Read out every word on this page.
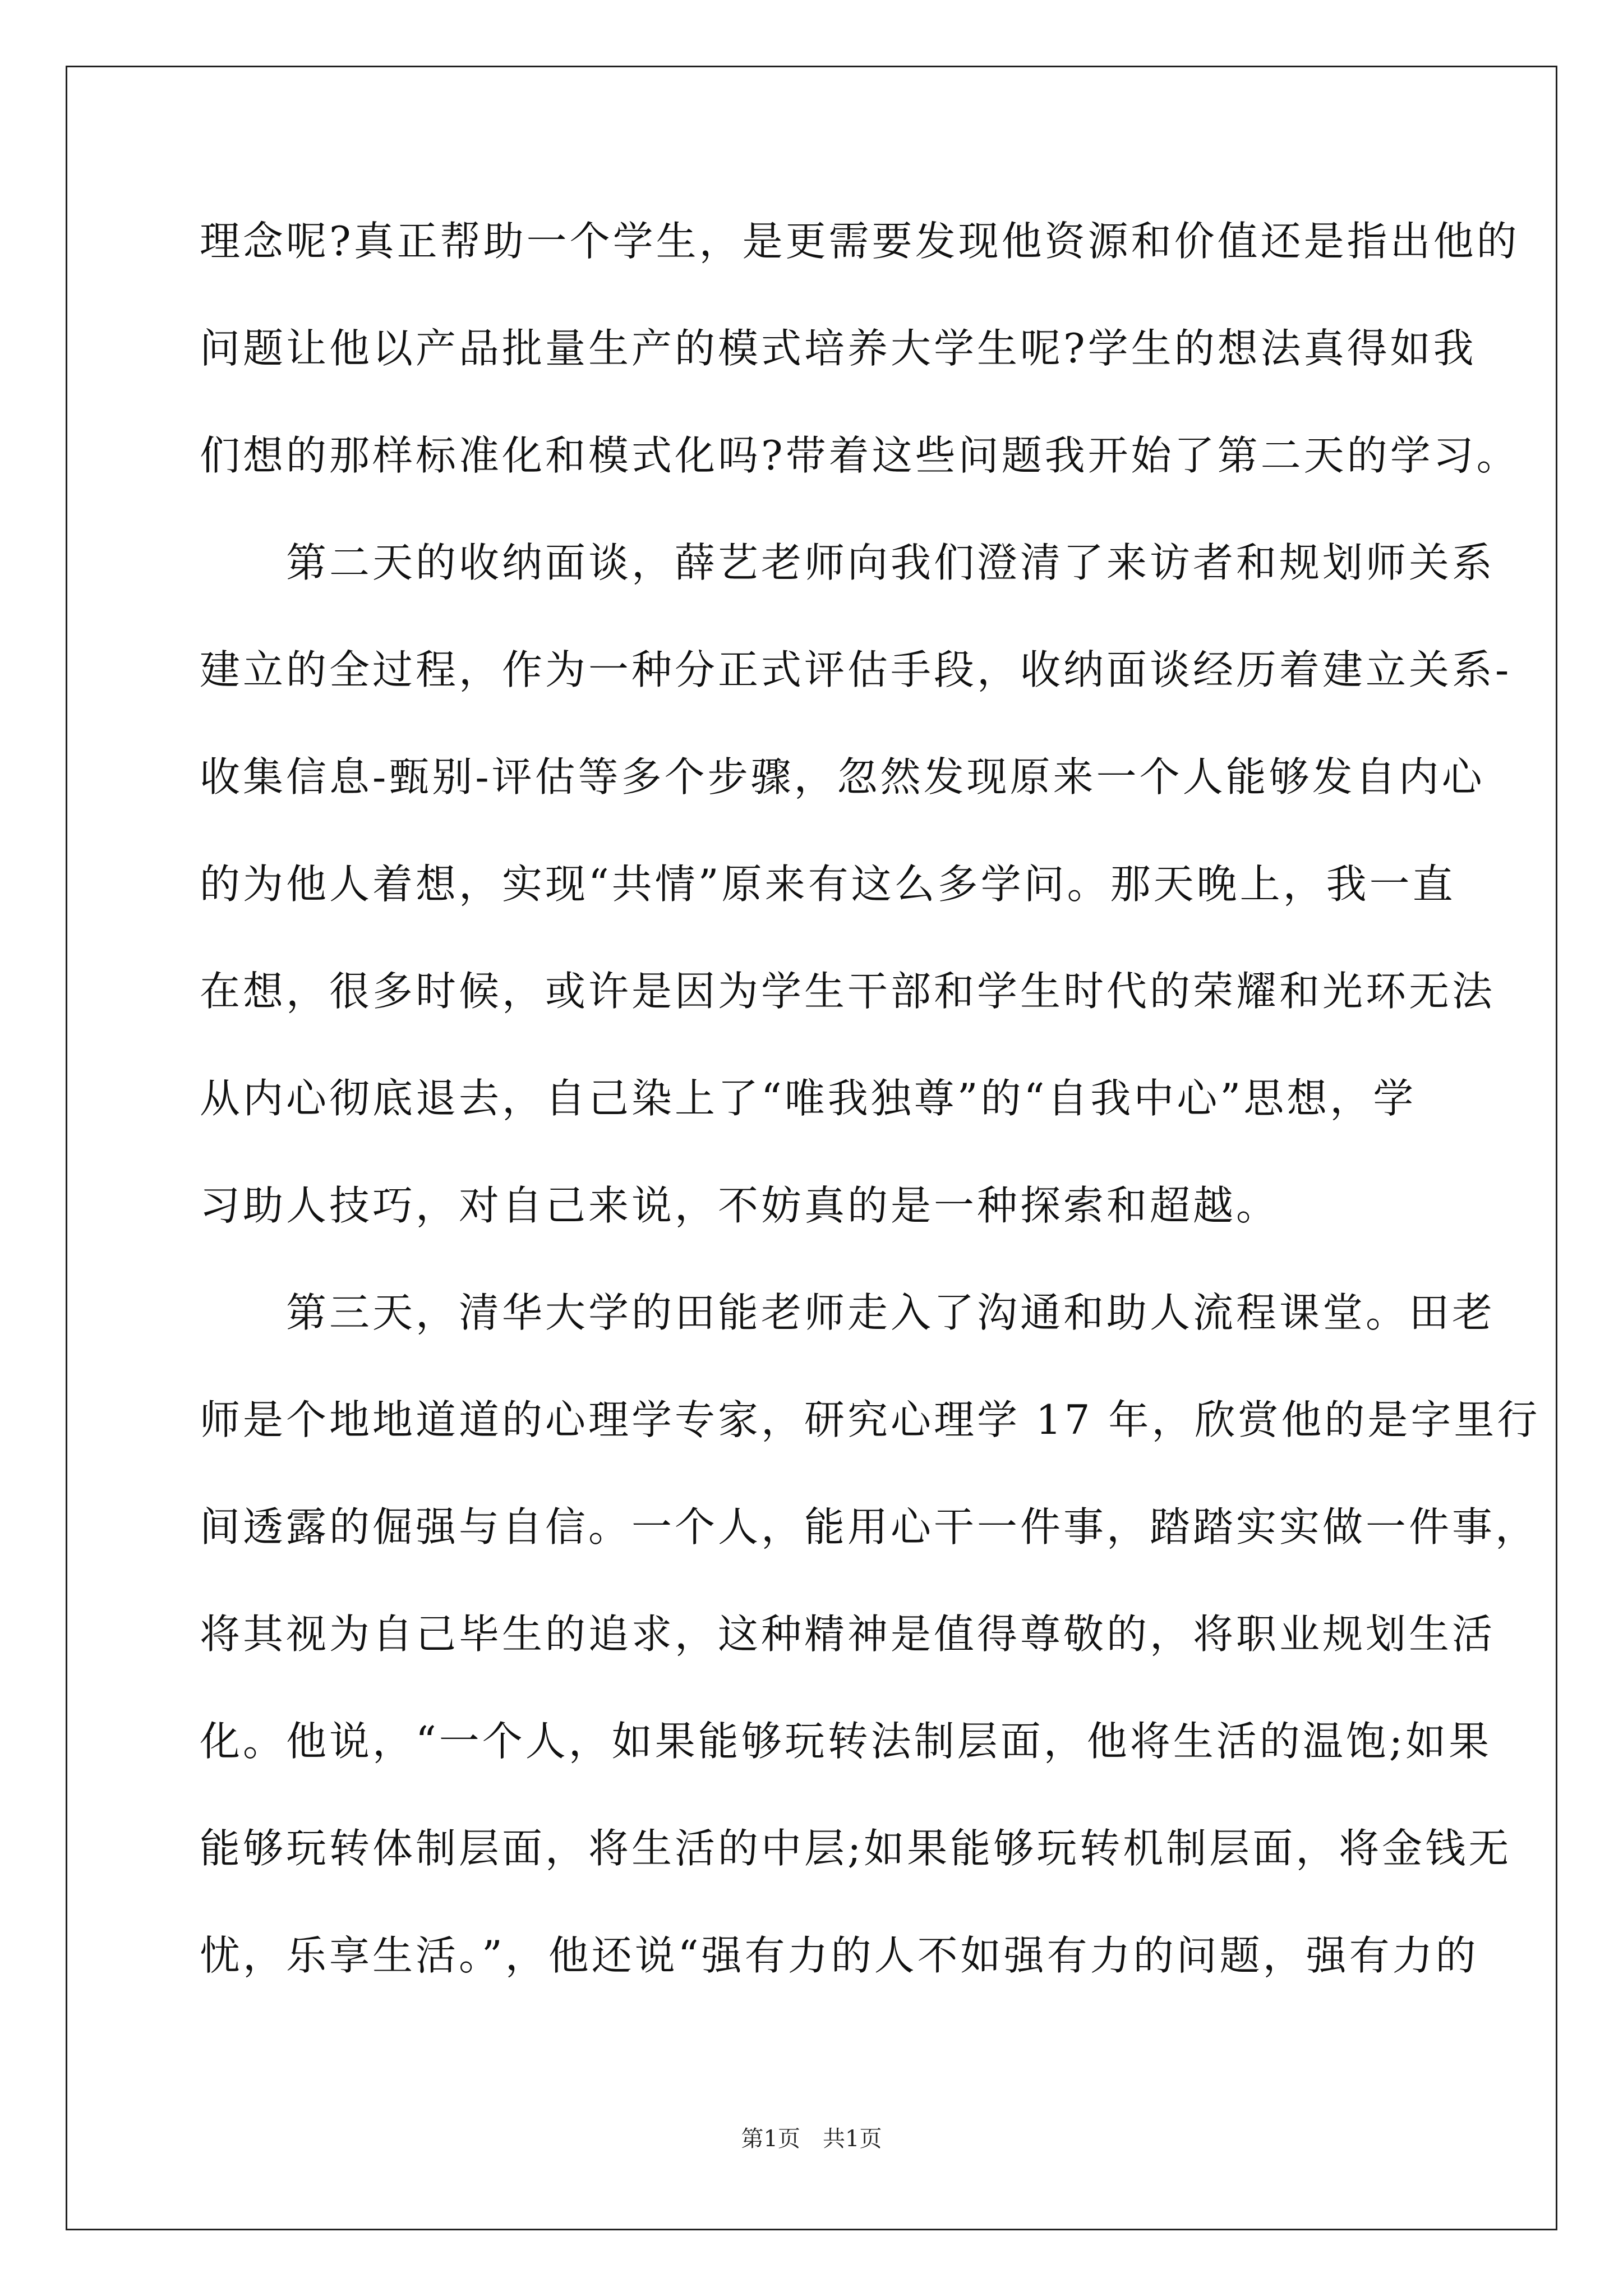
理念呢?真正帮助一个学生，是更需要发现他资源和价值还是指出他的
问题让他以产品批量生产的模式培养大学生呢?学生的想法真得如我
们想的那样标准化和模式化吗?带着这些问题我开始了第二天的学习。
　　第二天的收纳面谈，薛艺老师向我们澄清了来访者和规划师关系
建立的全过程，作为一种分正式评估手段，收纳面谈经历着建立关系-
收集信息-甄别-评估等多个步骤，忽然发现原来一个人能够发自内心
的为他人着想，实现“共情”原来有这么多学问。那天晚上，我一直
在想，很多时候，或许是因为学生干部和学生时代的荣耀和光环无法
从内心彻底退去，自己染上了“唯我独尊”的“自我中心”思想，学
习助人技巧，对自己来说，不妨真的是一种探索和超越。
　　第三天，清华大学的田能老师走入了沟通和助人流程课堂。田老
师是个地地道道的心理学专家，研究心理学 17 年，欣赏他的是字里行
间透露的倔强与自信。一个人，能用心干一件事，踏踏实实做一件事，
将其视为自己毕生的追求，这种精神是值得尊敬的，将职业规划生活
化。他说，“一个人，如果能够玩转法制层面，他将生活的温饱;如果
能够玩转体制层面，将生活的中层;如果能够玩转机制层面，将金钱无
忧，乐享生活。”，他还说“强有力的人不如强有力的问题，强有力的
第1页　共1页
